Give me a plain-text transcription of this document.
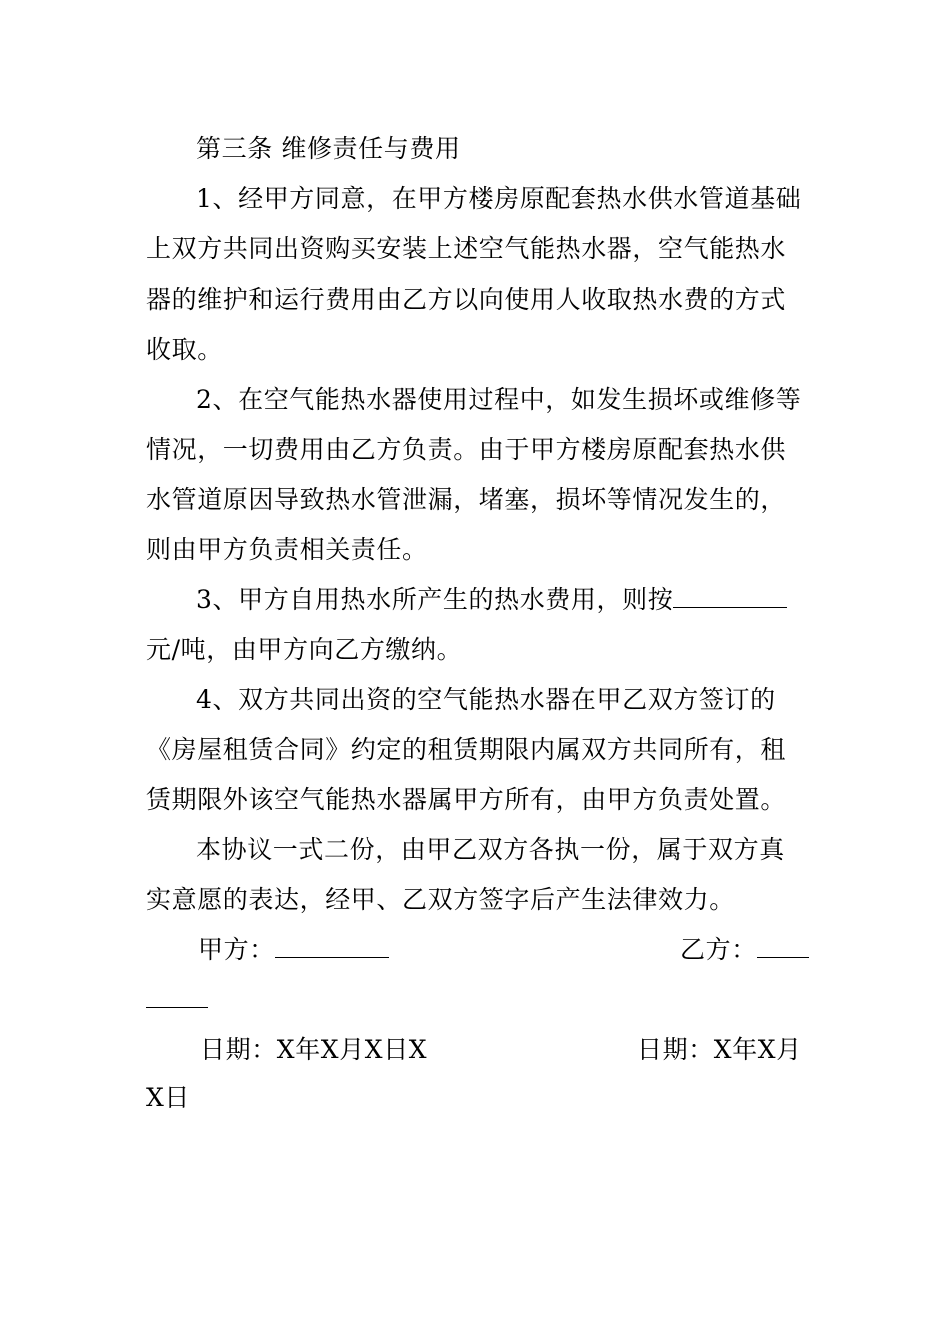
第三条 维修责任与费用
1、经甲方同意，在甲方楼房原配套热水供水管道基础
上双方共同出资购买安装上述空气能热水器，空气能热水
器的维护和运行费用由乙方以向使用人收取热水费的方式
收取。
2、在空气能热水器使用过程中，如发生损坏或维修等
情况，一切费用由乙方负责。由于甲方楼房原配套热水供
水管道原因导致热水管泄漏，堵塞，损坏等情况发生的，
则由甲方负责相关责任。
3、甲方自用热水所产生的热水费用，则按
元/吨，由甲方向乙方缴纳。
4、双方共同出资的空气能热水器在甲乙双方签订的
《房屋租赁合同》约定的租赁期限内属双方共同所有，租
赁期限外该空气能热水器属甲方所有，由甲方负责处置。
本协议一式二份，由甲乙双方各执一份，属于双方真
实意愿的表达，经甲、乙双方签字后产生法律效力。
甲方：	乙方：
日期：X年X月X日X	日期：X年X月
X日
